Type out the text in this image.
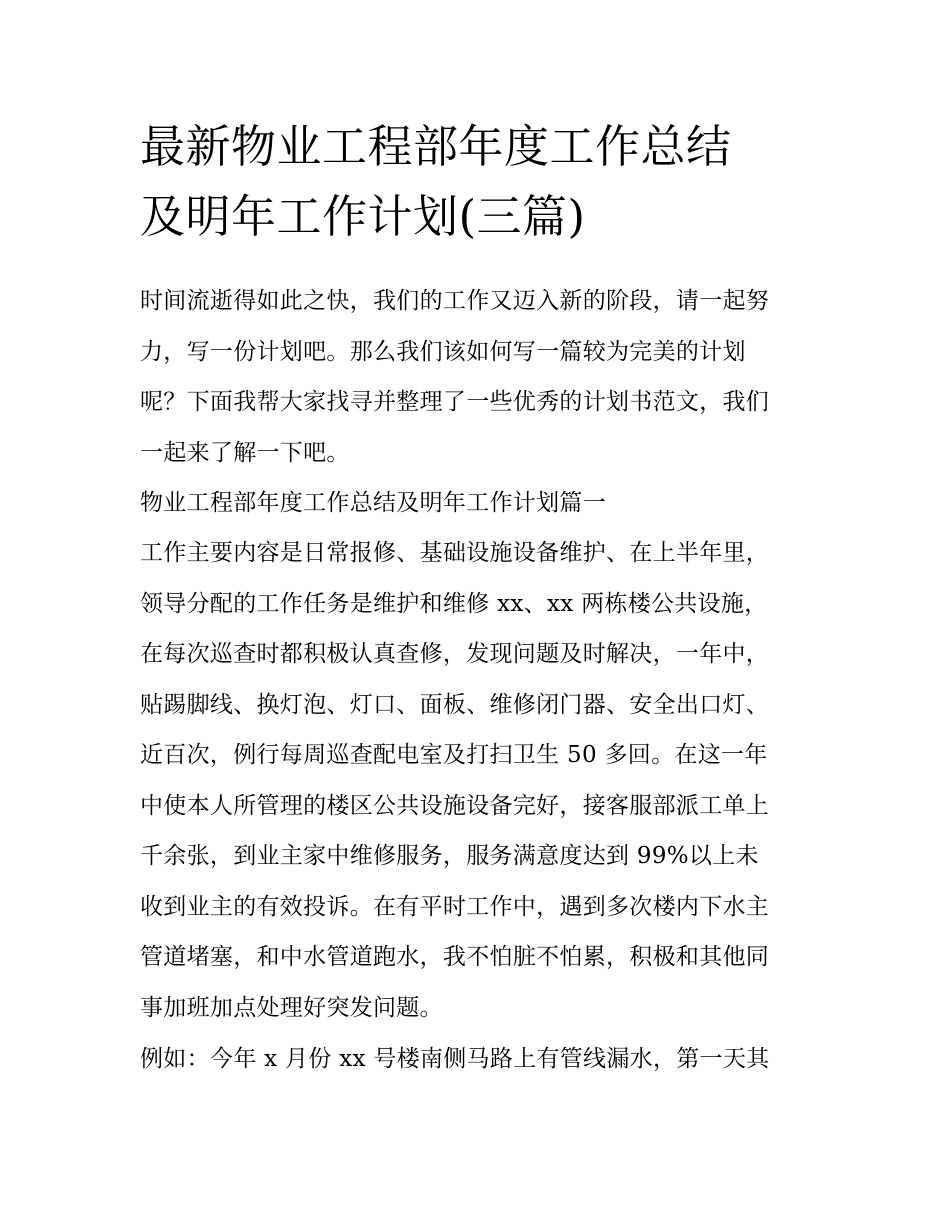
最新物业工程部年度工作总结
及明年工作计划(三篇)

时间流逝得如此之快，我们的工作又迈入新的阶段，请一起努
力，写一份计划吧。那么我们该如何写一篇较为完美的计划
呢？下面我帮大家找寻并整理了一些优秀的计划书范文，我们
一起来了解一下吧。

物业工程部年度工作总结及明年工作计划篇一

工作主要内容是日常报修、基础设施设备维护、在上半年里，
领导分配的工作任务是维护和维修 xx、xx 两栋楼公共设施，
在每次巡查时都积极认真查修，发现问题及时解决，一年中，
贴踢脚线、换灯泡、灯口、面板、维修闭门器、安全出口灯、
近百次，例行每周巡查配电室及打扫卫生 50 多回。在这一年
中使本人所管理的楼区公共设施设备完好，接客服部派工单上
千余张，到业主家中维修服务，服务满意度达到 99%以上未
收到业主的有效投诉。在有平时工作中，遇到多次楼内下水主
管道堵塞，和中水管道跑水，我不怕脏不怕累，积极和其他同
事加班加点处理好突发问题。

例如：今年 x 月份 xx 号楼南侧马路上有管线漏水，第一天其
